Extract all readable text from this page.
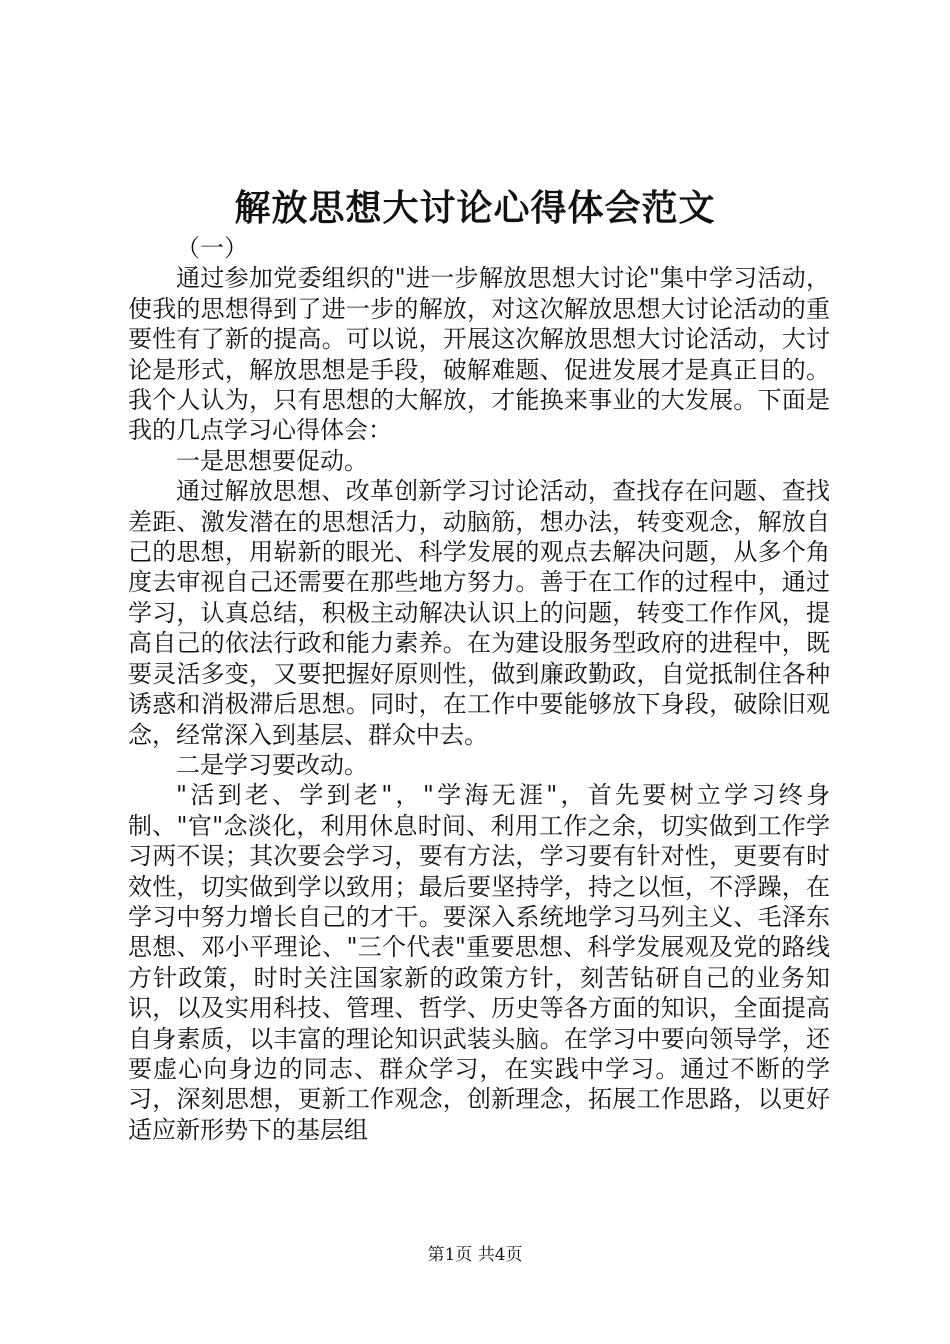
解放思想大讨论心得体会范文

（一）

通过参加党委组织的"进一步解放思想大讨论"集中学习活动，使我的思想得到了进一步的解放，对这次解放思想大讨论活动的重要性有了新的提高。可以说，开展这次解放思想大讨论活动，大讨论是形式，解放思想是手段，破解难题、促进发展才是真正目的。我个人认为，只有思想的大解放，才能换来事业的大发展。下面是我的几点学习心得体会：

一是思想要促动。

通过解放思想、改革创新学习讨论活动，查找存在问题、查找差距、激发潜在的思想活力，动脑筋，想办法，转变观念，解放自己的思想，用崭新的眼光、科学发展的观点去解决问题，从多个角度去审视自己还需要在那些地方努力。善于在工作的过程中，通过学习，认真总结，积极主动解决认识上的问题，转变工作作风，提高自己的依法行政和能力素养。在为建设服务型政府的进程中，既要灵活多变，又要把握好原则性，做到廉政勤政，自觉抵制住各种诱惑和消极滞后思想。同时，在工作中要能够放下身段，破除旧观念，经常深入到基层、群众中去。

二是学习要改动。

"活到老、学到老"，"学海无涯"，首先要树立学习终身制、"官"念淡化，利用休息时间、利用工作之余，切实做到工作学习两不误；其次要会学习，要有方法，学习要有针对性，更要有时效性，切实做到学以致用；最后要坚持学，持之以恒，不浮躁，在学习中努力增长自己的才干。要深入系统地学习马列主义、毛泽东思想、邓小平理论、"三个代表"重要思想、科学发展观及党的路线方针政策，时时关注国家新的政策方针，刻苦钻研自己的业务知识，以及实用科技、管理、哲学、历史等各方面的知识，全面提高自身素质，以丰富的理论知识武装头脑。在学习中要向领导学，还要虚心向身边的同志、群众学习，在实践中学习。通过不断的学习，深刻思想，更新工作观念，创新理念，拓展工作思路，以更好适应新形势下的基层组

第1页 共4页
